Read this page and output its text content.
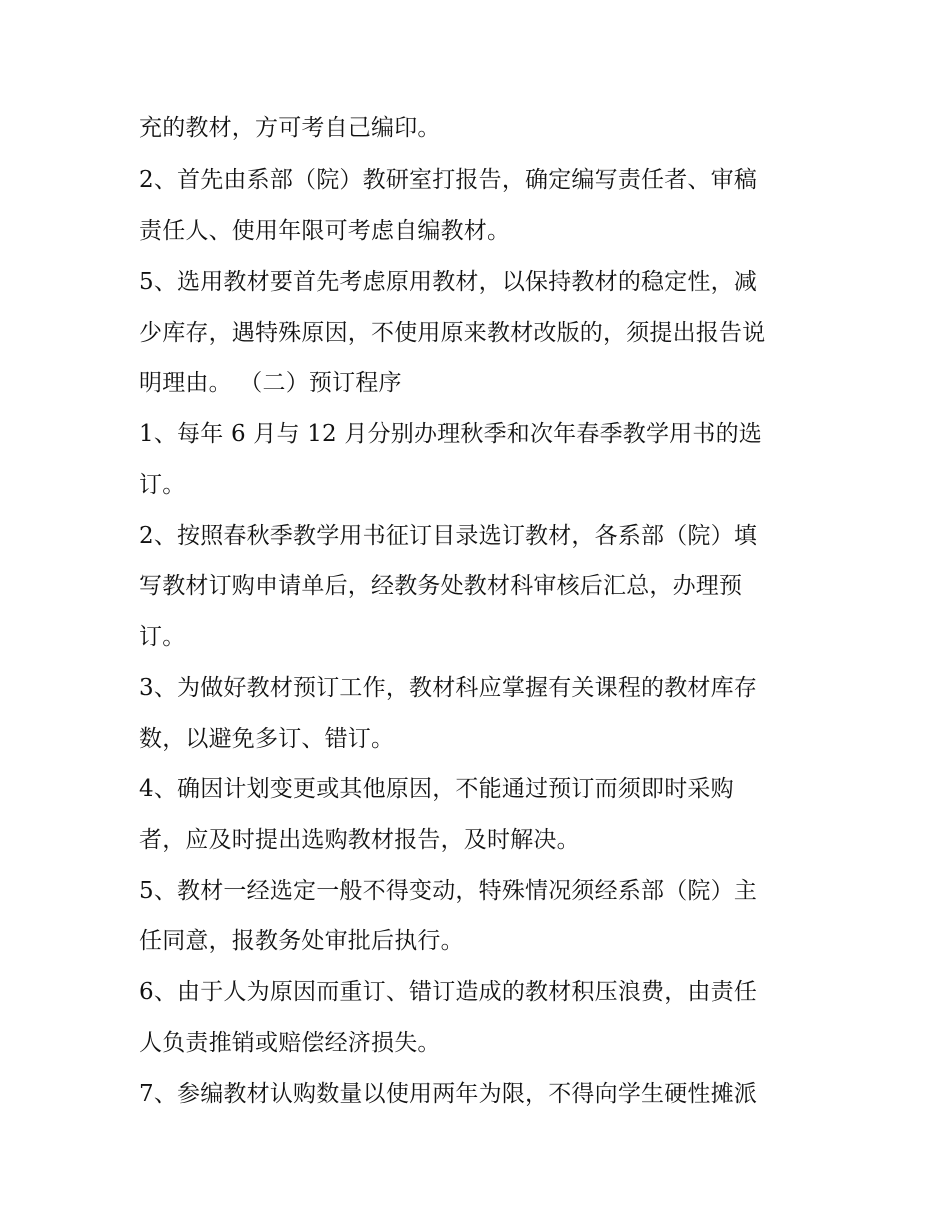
充的教材，方可考自己编印。
2、首先由系部（院）教研室打报告，确定编写责任者、审稿
责任人、使用年限可考虑自编教材。
5、选用教材要首先考虑原用教材，以保持教材的稳定性，减
少库存，遇特殊原因，不使用原来教材改版的，须提出报告说
明理由。 （二）预订程序
1、每年 6 月与 12 月分别办理秋季和次年春季教学用书的选
订。
2、按照春秋季教学用书征订目录选订教材，各系部（院）填
写教材订购申请单后，经教务处教材科审核后汇总，办理预
订。
3、为做好教材预订工作，教材科应掌握有关课程的教材库存
数，以避免多订、错订。
4、确因计划变更或其他原因，不能通过预订而须即时采购
者，应及时提出选购教材报告，及时解决。
5、教材一经选定一般不得变动，特殊情况须经系部（院）主
任同意，报教务处审批后执行。
6、由于人为原因而重订、错订造成的教材积压浪费，由责任
人负责推销或赔偿经济损失。
7、参编教材认购数量以使用两年为限，不得向学生硬性摊派
